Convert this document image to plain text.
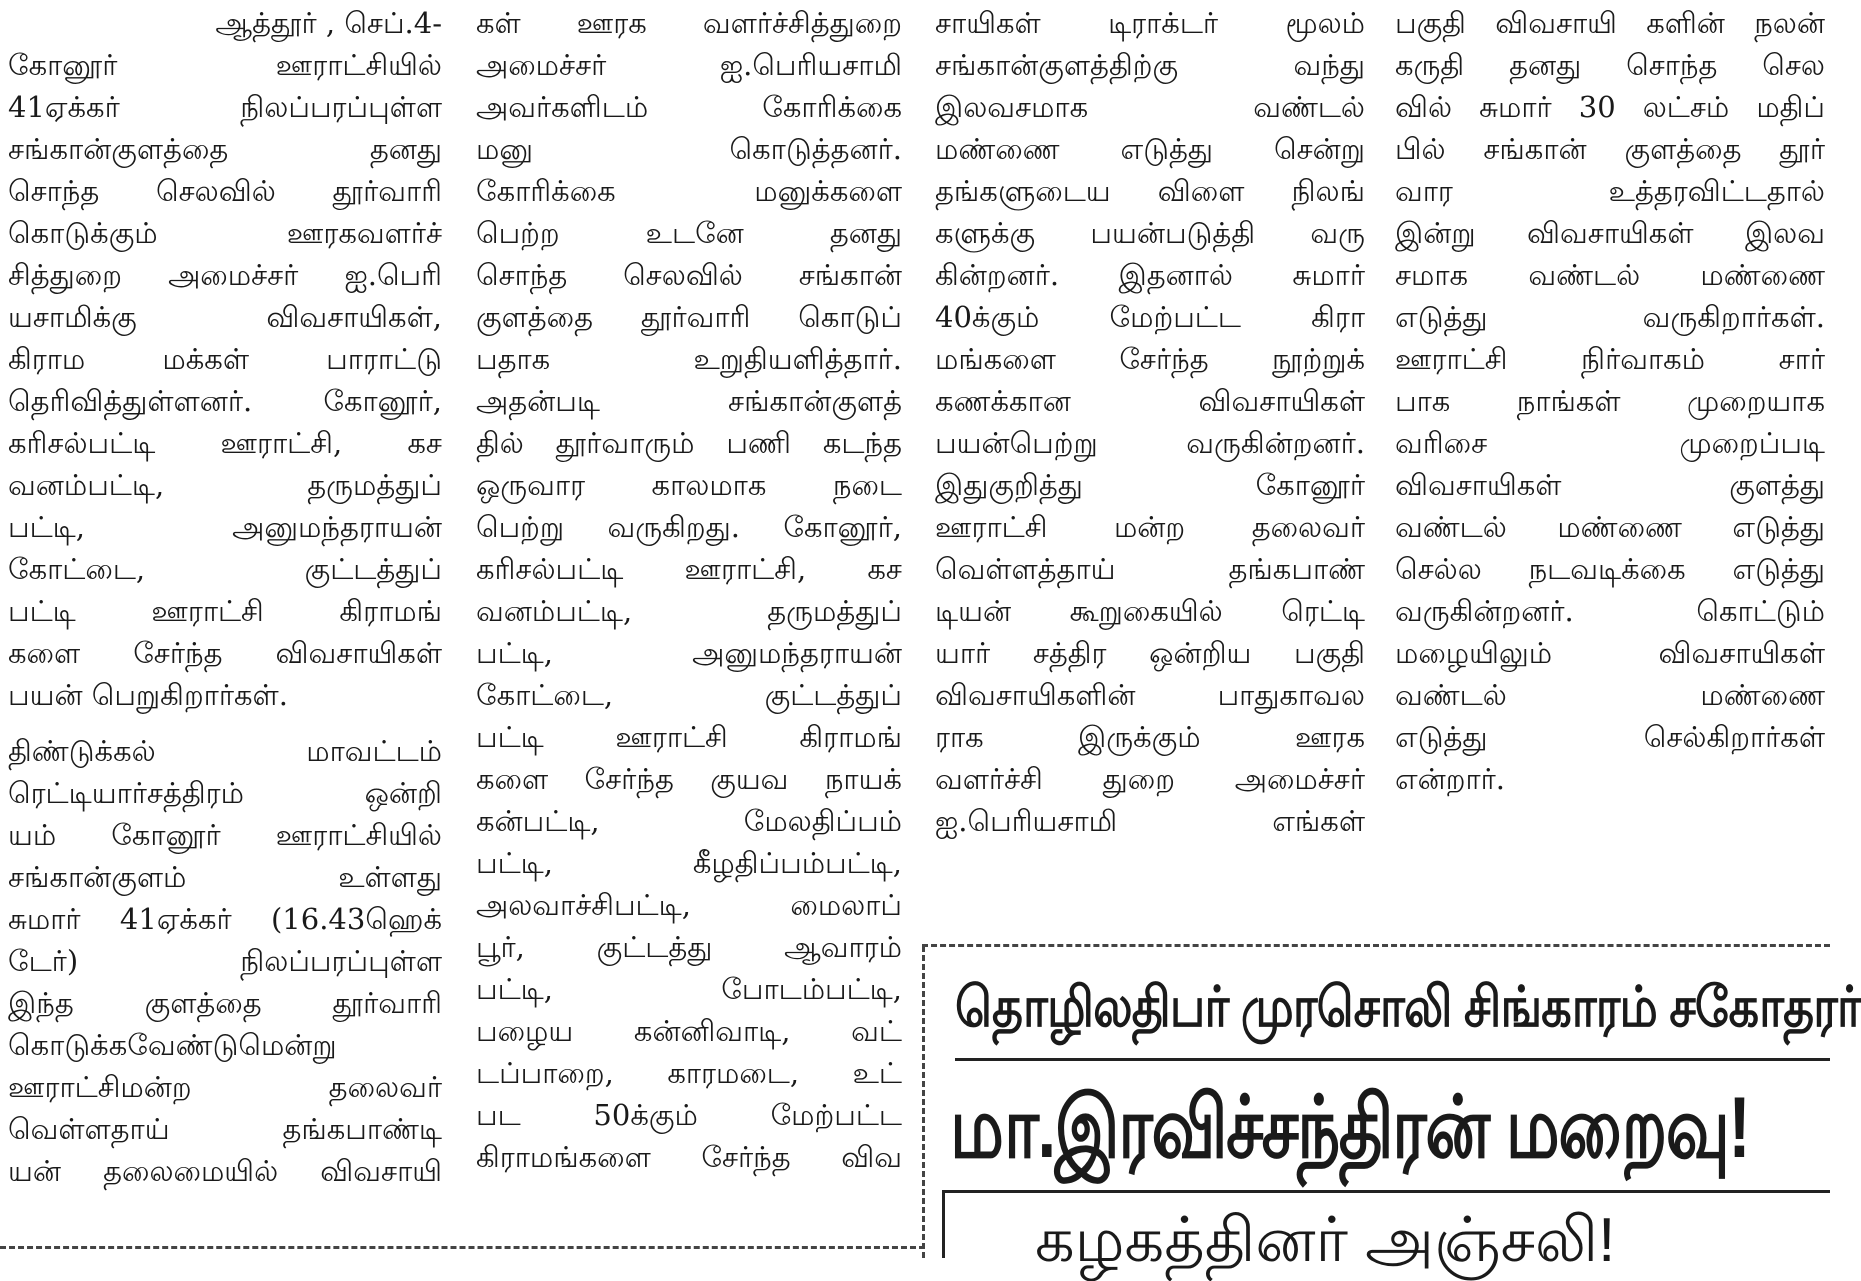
ஆத்தூர் , செப்.4-
கோனூர் ஊராட்சியில்
41ஏக்கர் நிலப்பரப்புள்ள
சங்கான்குளத்தை தனது
சொந்த செலவில் தூர்வாரி
கொடுக்கும் ஊரகவளர்ச்
சித்துறை அமைச்சர் ஐ.பெரி
யசாமிக்கு விவசாயிகள்,
கிராம மக்கள் பாராட்டு
தெரிவித்துள்ளனர். கோனூர்,
கரிசல்பட்டி ஊராட்சி, கச
வனம்பட்டி, தருமத்துப்
பட்டி, அனுமந்தராயன்
கோட்டை, குட்டத்துப்
பட்டி ஊராட்சி கிராமங்
களை சேர்ந்த விவசாயிகள்
பயன் பெறுகிறார்கள்.
திண்டுக்கல் மாவட்டம்
ரெட்டியார்சத்திரம் ஒன்றி
யம் கோனூர் ஊராட்சியில்
சங்கான்குளம் உள்ளது
சுமார் 41ஏக்கர் (16.43ஹெக்
டேர்) நிலப்பரப்புள்ள
இந்த குளத்தை தூர்வாரி
கொடுக்கவேண்டுமென்று
ஊராட்சிமன்ற தலைவர்
வெள்ளதாய் தங்கபாண்டி
யன் தலைமையில் விவசாயி
கள் ஊரக வளர்ச்சித்துறை
அமைச்சர் ஐ.பெரியசாமி
அவர்களிடம் கோரிக்கை
மனு கொடுத்தனர்.
கோரிக்கை மனுக்களை
பெற்ற உடனே தனது
சொந்த செலவில் சங்கான்
குளத்தை தூர்வாரி கொடுப்
பதாக உறுதியளித்தார்.
அதன்படி சங்கான்குளத்
தில் தூர்வாரும் பணி கடந்த
ஒருவார காலமாக நடை
பெற்று வருகிறது. கோனூர்,
கரிசல்பட்டி ஊராட்சி, கச
வனம்பட்டி, தருமத்துப்
பட்டி, அனுமந்தராயன்
கோட்டை, குட்டத்துப்
பட்டி ஊராட்சி கிராமங்
களை சேர்ந்த குயவ நாயக்
கன்பட்டி, மேலதிப்பம்
பட்டி, கீழதிப்பம்பட்டி,
அலவாச்சிபட்டி, மைலாப்
பூர், குட்டத்து ஆவாரம்
பட்டி, போடம்பட்டி,
பழைய கன்னிவாடி, வட்
டப்பாறை, காரமடை, உட்
பட 50க்கும் மேற்பட்ட
கிராமங்களை சேர்ந்த விவ
சாயிகள் டிராக்டர் மூலம்
சங்கான்குளத்திற்கு வந்து
இலவசமாக வண்டல்
மண்ணை எடுத்து சென்று
தங்களுடைய விளை நிலங்
களுக்கு பயன்படுத்தி வரு
கின்றனர். இதனால் சுமார்
40க்கும் மேற்பட்ட கிரா
மங்களை சேர்ந்த நூற்றுக்
கணக்கான விவசாயிகள்
பயன்பெற்று வருகின்றனர்.
இதுகுறித்து கோனூர்
ஊராட்சி மன்ற தலைவர்
வெள்ளத்தாய் தங்கபாண்
டியன் கூறுகையில் ரெட்டி
யார் சத்திர ஒன்றிய பகுதி
விவசாயிகளின் பாதுகாவல
ராக இருக்கும் ஊரக
வளர்ச்சி துறை அமைச்சர்
ஐ.பெரியசாமி எங்கள்
பகுதி விவசாயி களின் நலன்
கருதி தனது சொந்த செல
வில் சுமார் 30 லட்சம் மதிப்
பில் சங்கான் குளத்தை தூர்
வார உத்தரவிட்டதால்
இன்று விவசாயிகள் இலவ
சமாக வண்டல் மண்ணை
எடுத்து வருகிறார்கள்.
ஊராட்சி நிர்வாகம் சார்
பாக நாங்கள் முறையாக
வரிசை முறைப்படி
விவசாயிகள் குளத்து
வண்டல் மண்ணை எடுத்து
செல்ல நடவடிக்கை எடுத்து
வருகின்றனர். கொட்டும்
மழையிலும் விவசாயிகள்
வண்டல் மண்ணை
எடுத்து செல்கிறார்கள்
என்றார்.
தொழிலதிபர் முரசொலி சிங்காரம் சகோதரர்
மா.இரவிச்சந்திரன் மறைவு!
கழகத்தினர் அஞ்சலி!
